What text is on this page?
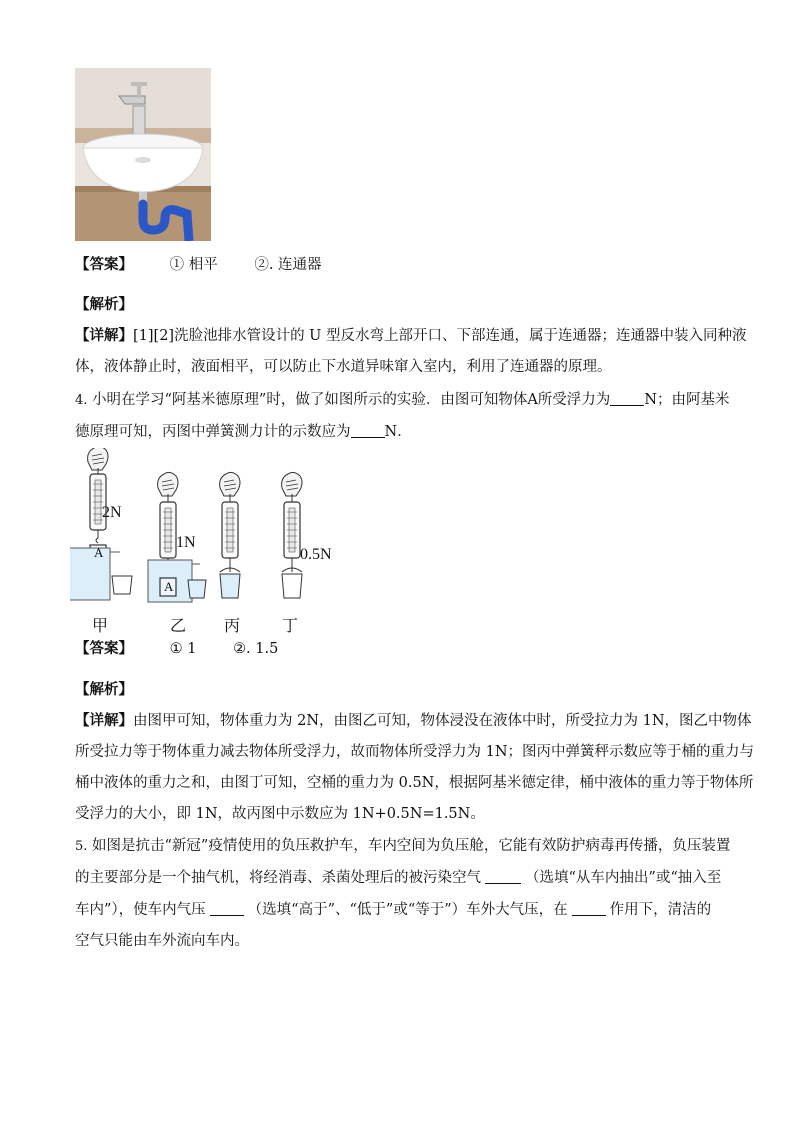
【答案】	① 相平	②. 连通器
【解析】
【详解】[1][2]洗脸池排水管设计的 U 型反水弯上部开口、下部连通，属于连通器；连通器中装入同种液
体，液体静止时，液面相平，可以防止下水道异味窜入室内，利用了连通器的原理。
4. 小明在学习“阿基米德原理”时，做了如图所示的实验．由图可知物体A所受浮力为 N；由阿基米
德原理可知，丙图中弹簧测力计的示数应为 N．
2N
1N
0.5N
A
A
甲	乙 丙	丁
【答案】	① 1	②. 1.5
【解析】
【详解】由图甲可知，物体重力为 2N，由图乙可知，物体浸没在液体中时，所受拉力为 1N，图乙中物体
所受拉力等于物体重力减去物体所受浮力，故而物体所受浮力为 1N；图丙中弹簧秤示数应等于桶的重力与
桶中液体的重力之和，由图丁可知，空桶的重力为 0.5N，根据阿基米德定律，桶中液体的重力等于物体所
受浮力的大小，即 1N，故丙图中示数应为 1N+0.5N=1.5N。
5. 如图是抗击“新冠”疫情使用的负压救护车，车内空间为负压舱，它能有效防护病毒再传播，负压装置
的主要部分是一个抽气机，将经消毒、杀菌处理后的被污染空气	（选填“从车内抽出”或“抽入至
车内”），使车内气压	（选填“高于”、“低于”或“等于”）车外大气压，在	作用下，清洁的
空气只能由车外流向车内。
